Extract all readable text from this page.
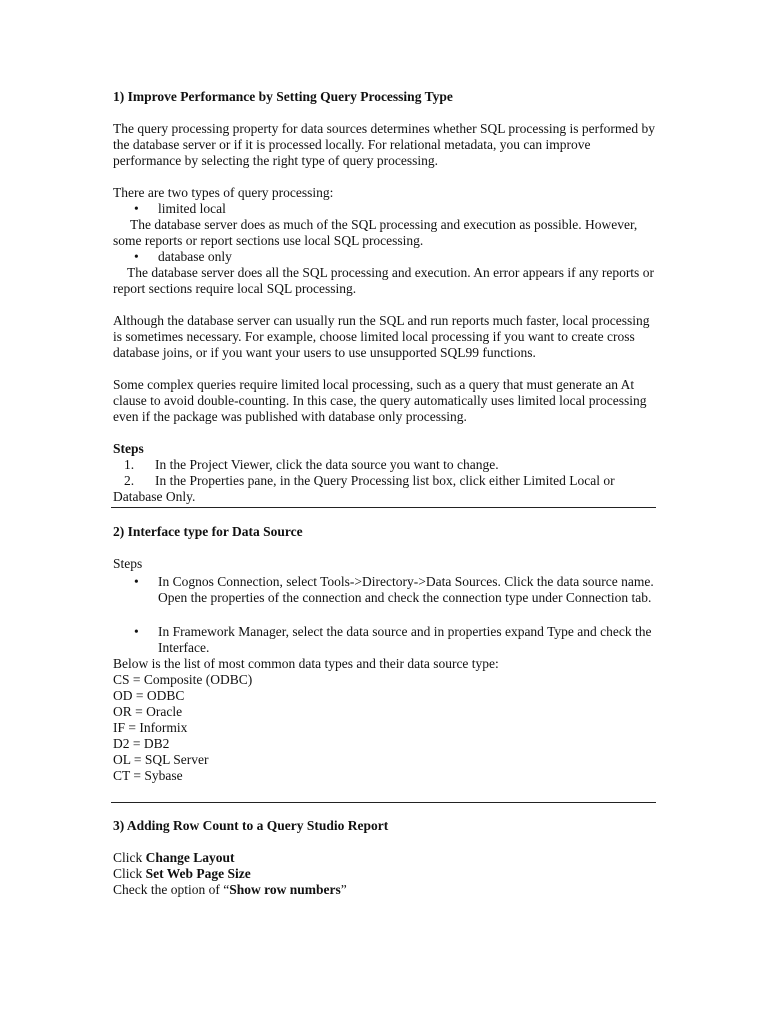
1) Improve Performance by Setting Query Processing Type
The query processing property for data sources determines whether SQL processing is performed by the database server or if it is processed locally. For relational metadata, you can improve performance by selecting the right type of query processing.
There are two types of query processing:
• limited local
The database server does as much of the SQL processing and execution as possible. However, some reports or report sections use local SQL processing.
• database only
The database server does all the SQL processing and execution. An error appears if any reports or report sections require local SQL processing.
Although the database server can usually run the SQL and run reports much faster, local processing is sometimes necessary. For example, choose limited local processing if you want to create cross database joins, or if you want your users to use unsupported SQL99 functions.
Some complex queries require limited local processing, such as a query that must generate an At clause to avoid double-counting. In this case, the query automatically uses limited local processing even if the package was published with database only processing.
Steps
1. In the Project Viewer, click the data source you want to change.
2. In the Properties pane, in the Query Processing list box, click either Limited Local or Database Only.
2) Interface type for Data Source
Steps
• In Cognos Connection, select Tools->Directory->Data Sources. Click the data source name. Open the properties of the connection and check the connection type under Connection tab.
• In Framework Manager, select the data source and in properties expand Type and check the Interface.
Below is the list of most common data types and their data source type:
CS = Composite (ODBC)
OD = ODBC
OR = Oracle
IF = Informix
D2 = DB2
OL = SQL Server
CT = Sybase
3) Adding Row Count to a Query Studio Report
Click Change Layout
Click Set Web Page Size
Check the option of “Show row numbers”
